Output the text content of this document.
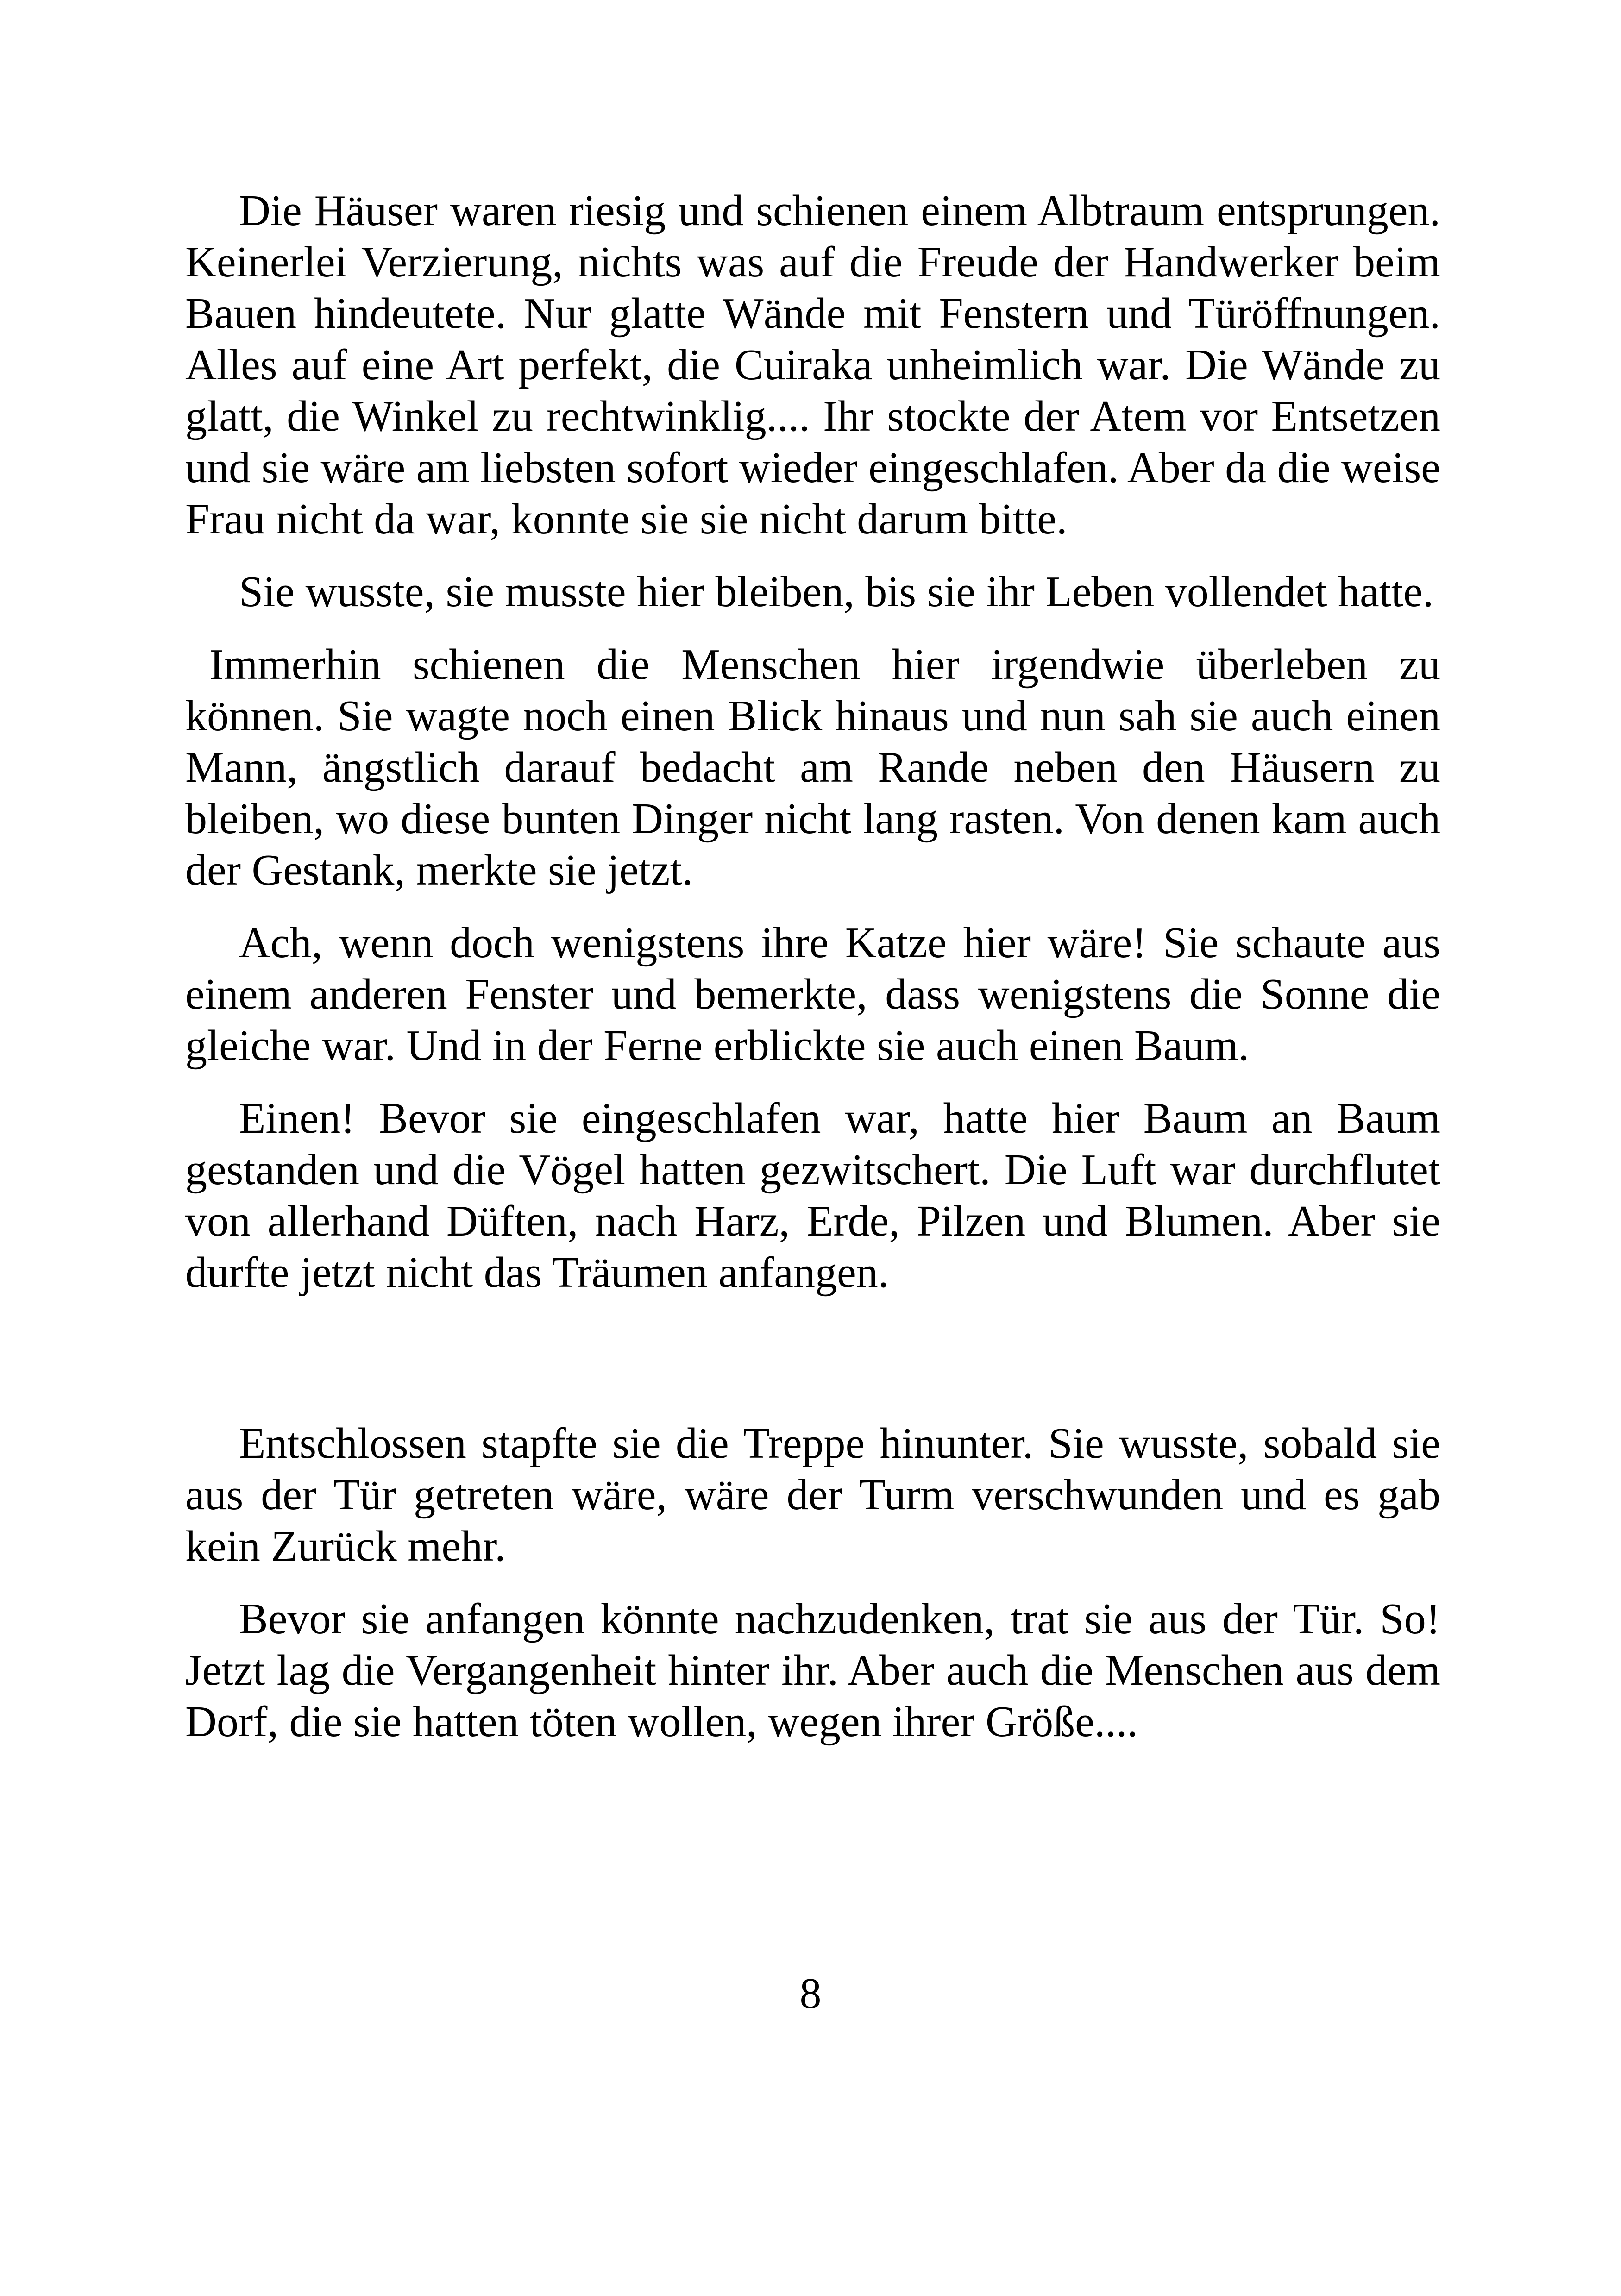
Die Häuser waren riesig und schienen einem Albtraum entsprungen. Keinerlei Verzierung, nichts was auf die Freude der Handwerker beim Bauen hindeutete. Nur glatte Wände mit Fenstern und Türöffnungen. Alles auf eine Art perfekt, die Cuiraka unheimlich war. Die Wände zu glatt, die Winkel zu rechtwinklig.... Ihr stockte der Atem vor Entsetzen und sie wäre am liebsten sofort wieder eingeschlafen. Aber da die weise Frau nicht da war, konnte sie sie nicht darum bitte.

Sie wusste, sie musste hier bleiben, bis sie ihr Leben vollendet hatte.

Immerhin schienen die Menschen hier irgendwie überleben zu können. Sie wagte noch einen Blick hinaus und nun sah sie auch einen Mann, ängstlich darauf bedacht am Rande neben den Häusern zu bleiben, wo diese bunten Dinger nicht lang rasten. Von denen kam auch der Gestank, merkte sie jetzt.

Ach, wenn doch wenigstens ihre Katze hier wäre! Sie schaute aus einem anderen Fenster und bemerkte, dass wenigstens die Sonne die gleiche war. Und in der Ferne erblickte sie auch einen Baum.

Einen! Bevor sie eingeschlafen war, hatte hier Baum an Baum gestanden und die Vögel hatten gezwitschert. Die Luft war durchflutet von allerhand Düften, nach Harz, Erde, Pilzen und Blumen. Aber sie durfte jetzt nicht das Träumen anfangen.

Entschlossen stapfte sie die Treppe hinunter. Sie wusste, sobald sie aus der Tür getreten wäre, wäre der Turm verschwunden und es gab kein Zurück mehr.

Bevor sie anfangen könnte nachzudenken, trat sie aus der Tür. So! Jetzt lag die Vergangenheit hinter ihr. Aber auch die Menschen aus dem Dorf, die sie hatten töten wollen, wegen ihrer Größe....

8
